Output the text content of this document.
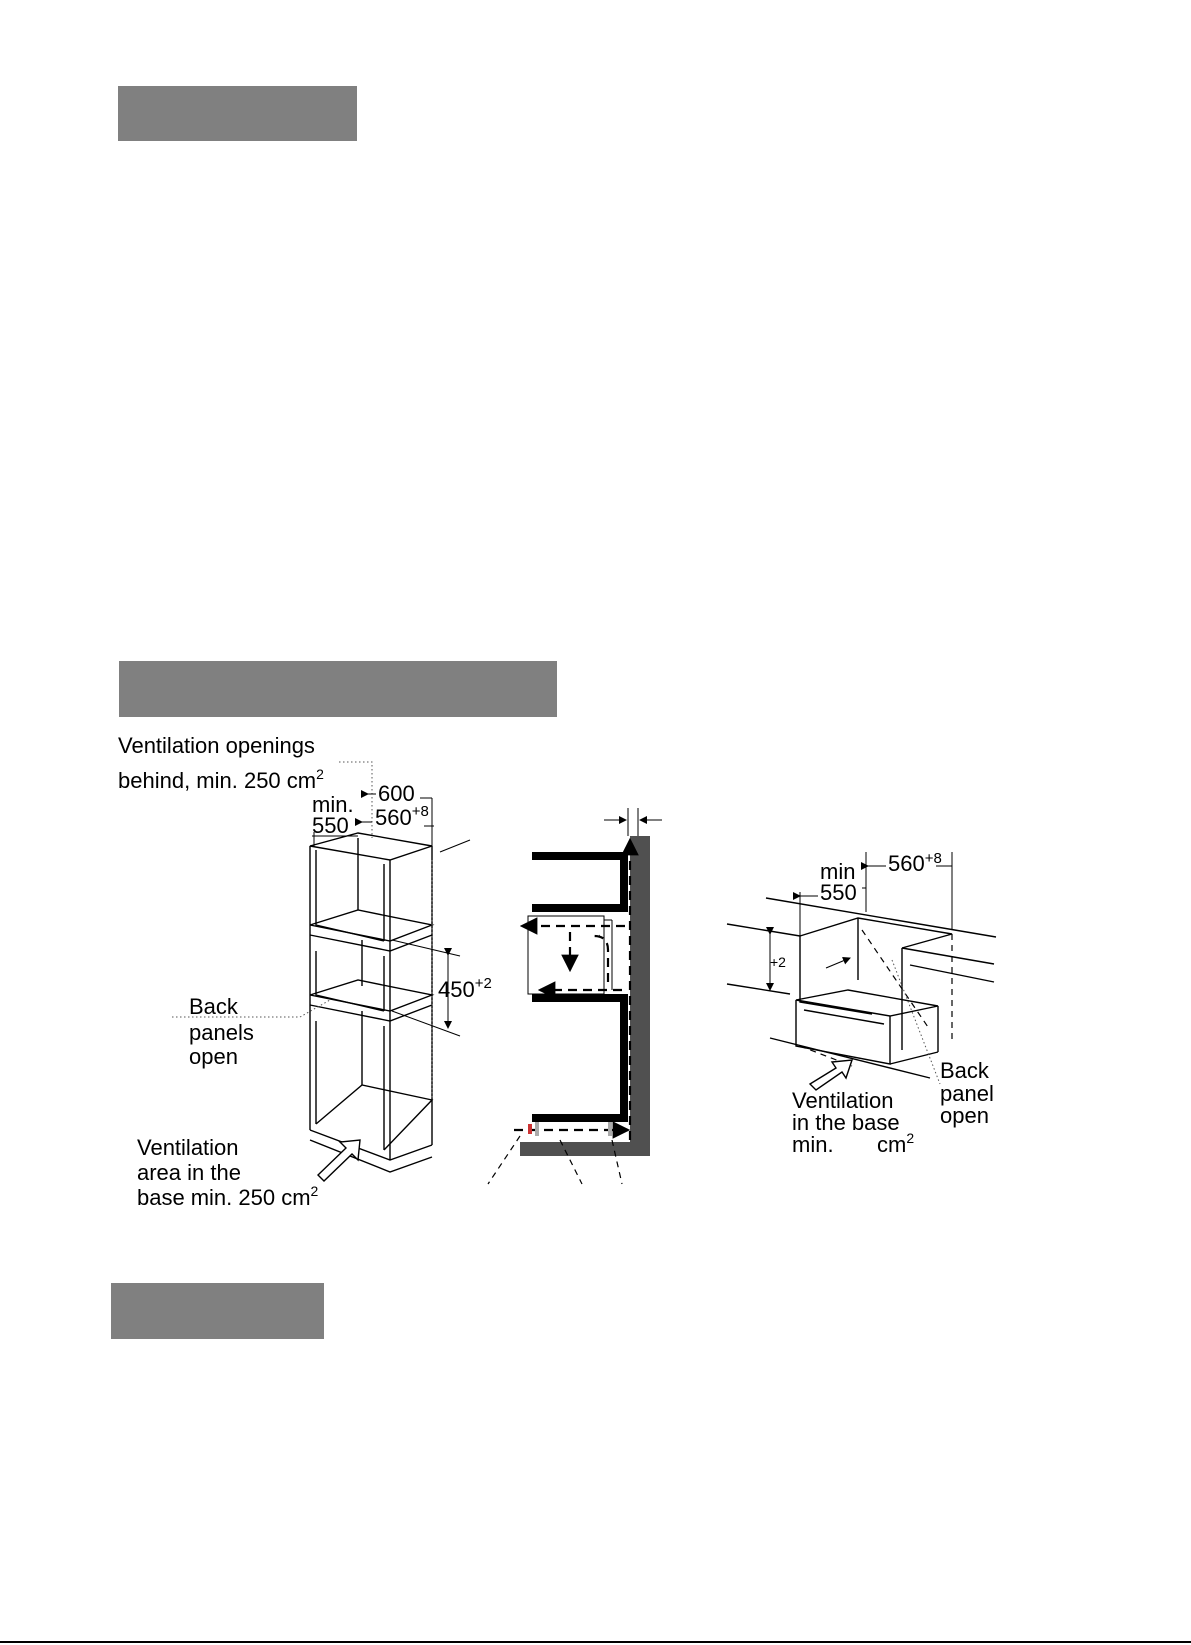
Ventilation openings
behind, min. 250 $cm^2$
600
min.
550 $560^{+8}$
$450^{+2}$
Back
panels
open
Ventilation
area in the
base min. 250 $cm^2$
min
550
$560^{+8}$
+2
Back
panel
open
Ventilation
in the base
min. $cm^2$
